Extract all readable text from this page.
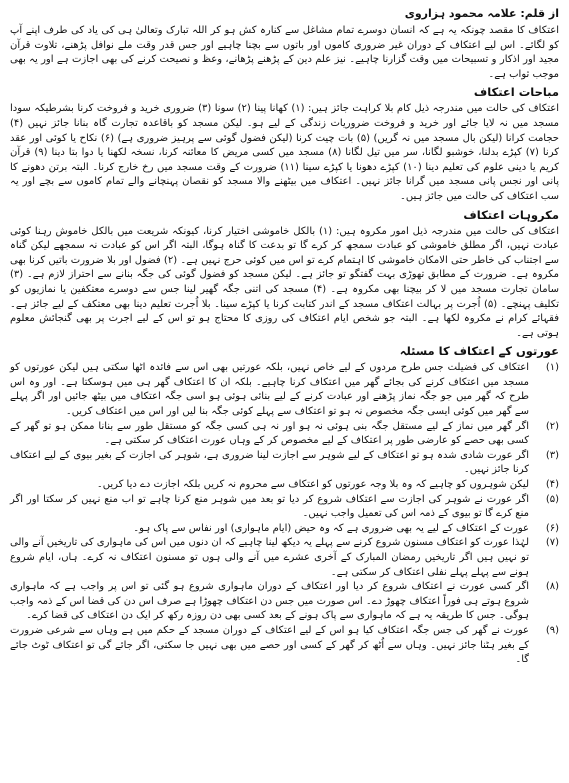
از قلم: علامہ محمود ہزاروی

اعتکاف کا مقصد چونکہ یہ ہے کہ انسان دوسرے تمام مشاغل سے کنارہ کش ہو کر اللہ تبارک وتعالیٰ ہی کی یاد کی طرف اپنے آپ کو لگائے۔ اس لیے اعتکاف کے دوران غیر ضروری کاموں اور باتوں سے بچنا چاہیے اور جس قدر وقت ملے نوافل پڑھنے، تلاوت قرآن مجید اور اذکار و تسبیحات میں وقت گزارنا چاہیے۔ نیز علم دین کے پڑھنے پڑھانے، وعظ و نصیحت کرنے کی بھی اجازت ہے اور یہ بھی موجب ثواب ہے۔

مباحات اعتکاف

اعتکاف کی حالت میں مندرجہ ذیل کام بلا کراہت جائز ہیں: (۱) کھانا پینا (۲) سونا (۳) ضروری خرید و فروخت کرنا بشرطیکہ سودا مسجد میں نہ لایا جائے اور خرید و فروخت ضروریات زندگی کے لیے ہو۔ لیکن مسجد کو باقاعدہ تجارت گاہ بنانا جائز نہیں (۴) حجامت کرانا (لیکن بال مسجد میں نہ گریں) (۵) بات چیت کرنا (لیکن فضول گوئی سے پرہیز ضروری ہے) (۶) نکاح یا کوئی اور عقد کرنا (۷) کپڑے بدلنا، خوشبو لگانا، سر میں تیل لگانا (۸) مسجد میں کسی مریض کا معائنہ کرنا، نسخہ لکھنا یا دوا بتا دینا (۹) قرآن کریم یا دینی علوم کی تعلیم دینا (۱۰) کپڑے دھونا یا کپڑے سینا (۱۱) ضرورت کے وقت مسجد میں رخ خارج کرنا۔ البتہ برتن دھونے کا پانی اور نجس پانی مسجد میں گرانا جائز نہیں۔ اعتکاف میں بیٹھنے والا مسجد کو نقصان پہنچانے والے تمام کاموں سے بچے اور یہ سب اعتکاف کی حالت میں جائز ہیں۔

مکروہات اعتکاف

اعتکاف کی حالت میں مندرجہ ذیل امور مکروہ ہیں: (۱) بالکل خاموشی اختیار کرنا، کیونکہ شریعت میں بالکل خاموش رہنا کوئی عبادت نہیں، اگر مطلق خاموشی کو عبادت سمجھ کر کرے گا تو بدعت کا گناہ ہوگا، البتہ اگر اس کو عبادت نہ سمجھے لیکن گناہ سے اجتناب کی خاطر حتی الامکان خاموشی کا اہتمام کرے تو اس میں کوئی حرج نہیں ہے۔ (۲) فضول اور بلا ضرورت باتیں کرنا بھی مکروہ ہے۔ ضرورت کے مطابق تھوڑی بہت گفتگو تو جائز ہے۔ لیکن مسجد کو فضول گوئی کی جگہ بنانے سے احتراز لازم ہے۔ (۳) سامان تجارت مسجد میں لا کر بیچنا بھی مکروہ ہے۔ (۴) مسجد کی اتنی جگہ گھیر لینا جس سے دوسرے معتکفین یا نمازیوں کو تکلیف پہنچے۔ (۵) اُجرت پر بہالت اعتکاف مسجد کے اندر کتابت کرنا یا کپڑے سینا۔ بلا اُجرت تعلیم دینا بھی معتکف کے لیے جائز ہے۔ فقہائے کرام نے مکروہ لکھا ہے۔ البتہ جو شخص ایام اعتکاف کی روزی کا محتاج ہو تو اس کے لیے اجرت پر بھی گنجائش معلوم ہوتی ہے۔

عورتوں کے اعتکاف کا مسئلہ
(۱)
اعتکاف کی فضیلت جس طرح مردوں کے لیے خاص نہیں، بلکہ عورتیں بھی اس سے فائدہ اٹھا سکتی ہیں لیکن عورتوں کو مسجد میں اعتکاف کرنے کی بجائے گھر میں اعتکاف کرنا چاہیے۔ بلکہ ان کا اعتکاف گھر ہی میں ہوسکتا ہے۔ اور وہ اس طرح کہ گھر میں جو جگہ نماز پڑھنے اور عبادت کرنے کے لیے بنائی ہوئی ہو اسی جگہ اعتکاف میں بیٹھ جائیں اور اگر پہلے سے گھر میں کوئی ایسی جگہ مخصوص نہ ہو تو اعتکاف سے پہلے کوئی جگہ بنا لیں اور اس میں اعتکاف کریں۔
(۲)
اگر گھر میں نماز کے لیے مستقل جگہ بنی ہوئی نہ ہو اور نہ ہی کسی جگہ کو مستقل طور سے بنانا ممکن ہو تو گھر کے کسی بھی حصے کو عارضی طور پر اعتکاف کے لیے مخصوص کر کے وہاں عورت اعتکاف کر سکتی ہے۔
(۳)
اگر عورت شادی شدہ ہو تو اعتکاف کے لیے شوہر سے اجازت لینا ضروری ہے، شوہر کی اجازت کے بغیر بیوی کے لیے اعتکاف کرنا جائز نہیں۔
(۴)
لیکن شوہروں کو چاہیے کہ وہ بلا وجہ عورتوں کو اعتکاف سے محروم نہ کریں بلکہ اجازت دے دیا کریں۔
(۵)
اگر عورت نے شوہر کی اجازت سے اعتکاف شروع کر دیا تو بعد میں شوہر منع کرنا چاہے تو اب منع نہیں کر سکتا اور اگر منع کرے گا تو بیوی کے ذمہ اس کی تعمیل واجب نہیں۔
(۶)
عورت کے اعتکاف کے لیے یہ بھی ضروری ہے کہ وہ حیض (ایام ماہواری) اور نفاس سے پاک ہو۔
(۷)
لہٰذا عورت کو اعتکاف مسنون شروع کرنے سے پہلے یہ دیکھ لینا چاہیے کہ ان دنوں میں اس کی ماہواری کی تاریخیں آنے والی تو نہیں ہیں اگر تاریخیں رمضان المبارک کے آخری عشرے میں آنے والی ہوں تو مسنون اعتکاف نہ کرے۔ ہاں، ایام شروع ہونے سے پہلے پہلے نفلی اعتکاف کر سکتی ہے۔
(۸)
اگر کسی عورت نے اعتکاف شروع کر دیا اور اعتکاف کے دوران ماہواری شروع ہو گئی تو اس پر واجب ہے کہ ماہواری شروع ہوتے ہی فوراً اعتکاف چھوڑ دے۔ اس صورت میں جس دن اعتکاف چھوڑا ہے صرف اس دن کی قضا اس کے ذمہ واجب ہوگی۔ جس کا طریقہ یہ ہے کہ ماہواری سے پاک ہونے کے بعد کسی بھی دن روزہ رکھ کر ایک دن اعتکاف کی قضا کرے۔
(۹)
عورت نے گھر کی جس جگہ اعتکاف کیا ہو اس کے لیے اعتکاف کے دوران مسجد کے حکم میں ہے وہاں سے شرعی ضرورت کے بغیر ہٹنا جائز نہیں۔ وہاں سے اُٹھ کر گھر کے کسی اور حصے میں بھی نہیں جا سکتی، اگر جائے گی تو اعتکاف ٹوٹ جائے گا۔
